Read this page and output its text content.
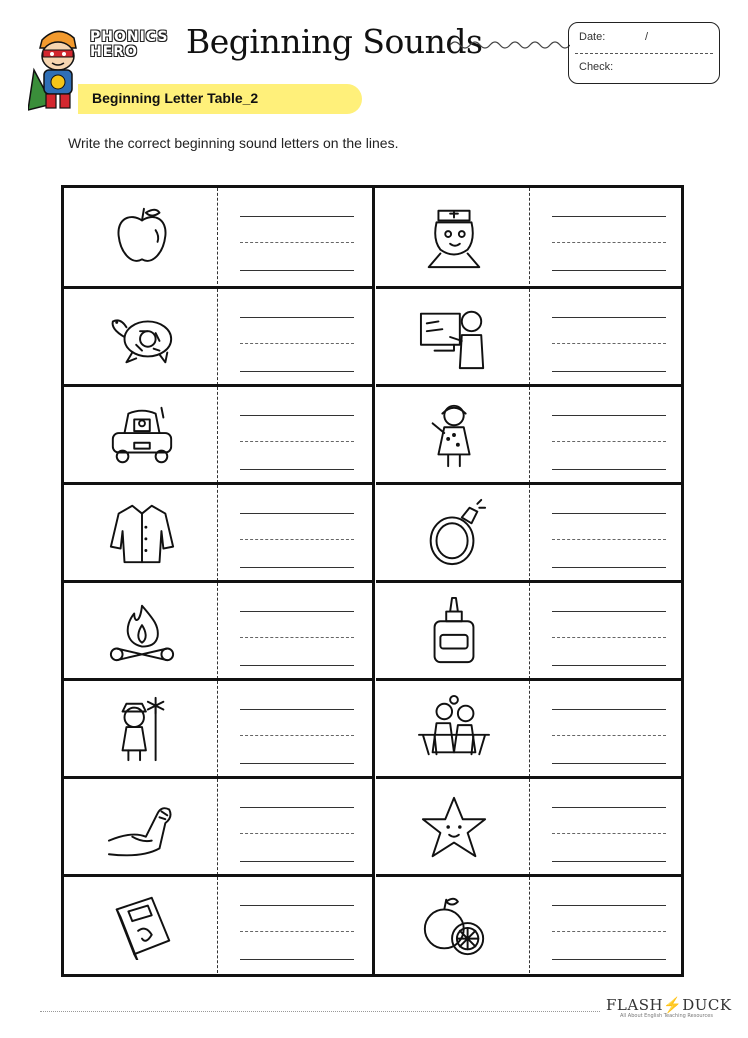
PHONICS
HERO	Beginning Sounds	Date:	/
Check:
Beginning Letter Table_2
Write the correct beginning sound letters on the lines.
FLASH⚡DUCK
All About English Teaching Resources
